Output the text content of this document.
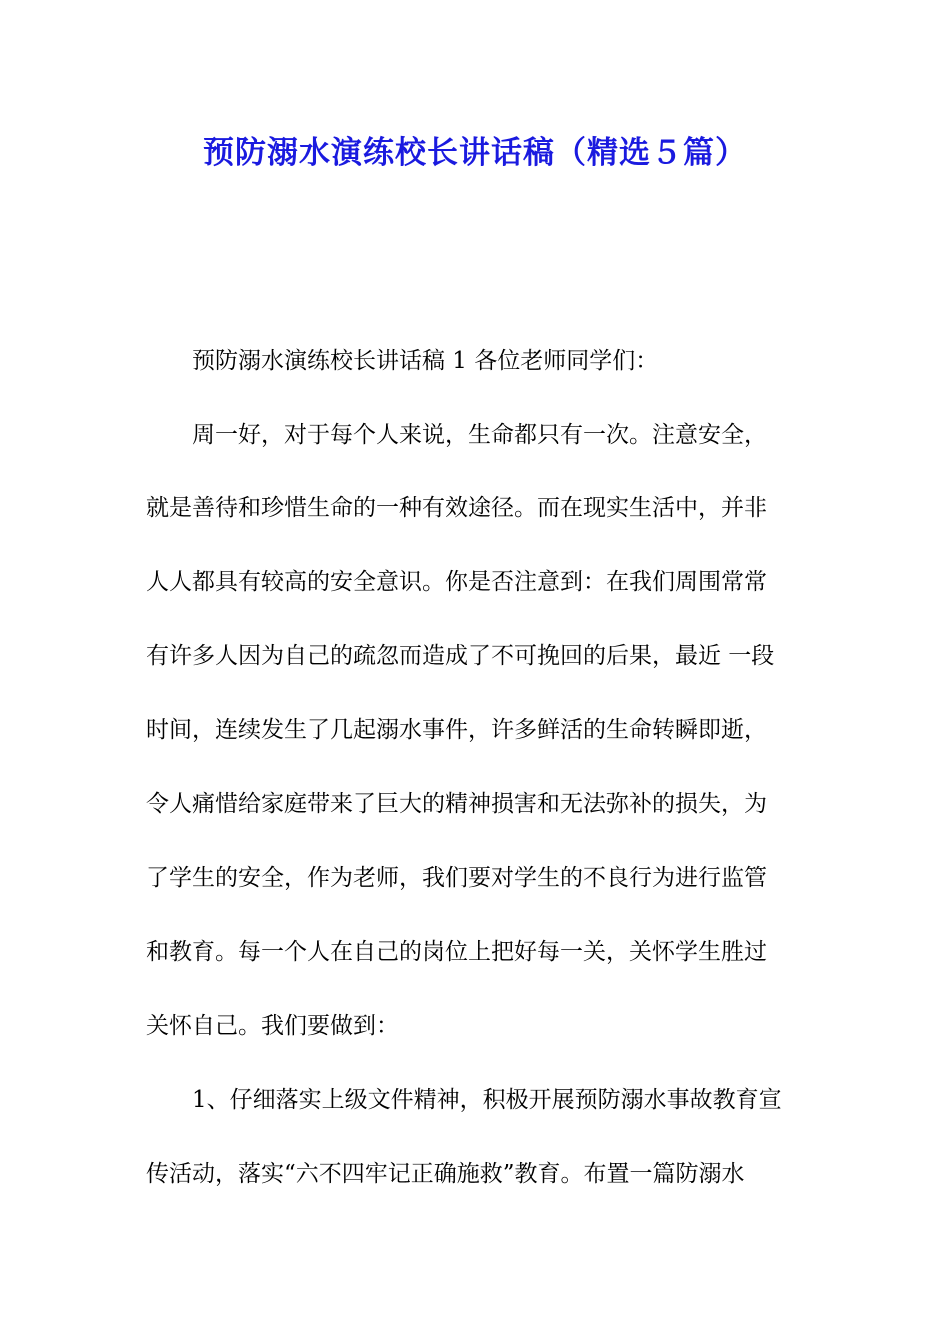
预防溺水演练校长讲话稿（精选５篇）
预防溺水演练校长讲话稿 1 各位老师同学们：
周一好，对于每个人来说，生命都只有一次。注意安全，
就是善待和珍惜生命的一种有效途径。而在现实生活中，并非
人人都具有较高的安全意识。你是否注意到：在我们周围常常
有许多人因为自己的疏忽而造成了不可挽回的后果，最近 一段
时间，连续发生了几起溺水事件，许多鲜活的生命转瞬即逝，
令人痛惜给家庭带来了巨大的精神损害和无法弥补的损失，为
了学生的安全，作为老师，我们要对学生的不良行为进行监管
和教育。每一个人在自己的岗位上把好每一关，关怀学生胜过
关怀自己。我们要做到：
1、仔细落实上级文件精神，积极开展预防溺水事故教育宣
传活动，落实“六不四牢记正确施救”教育。布置一篇防溺水
